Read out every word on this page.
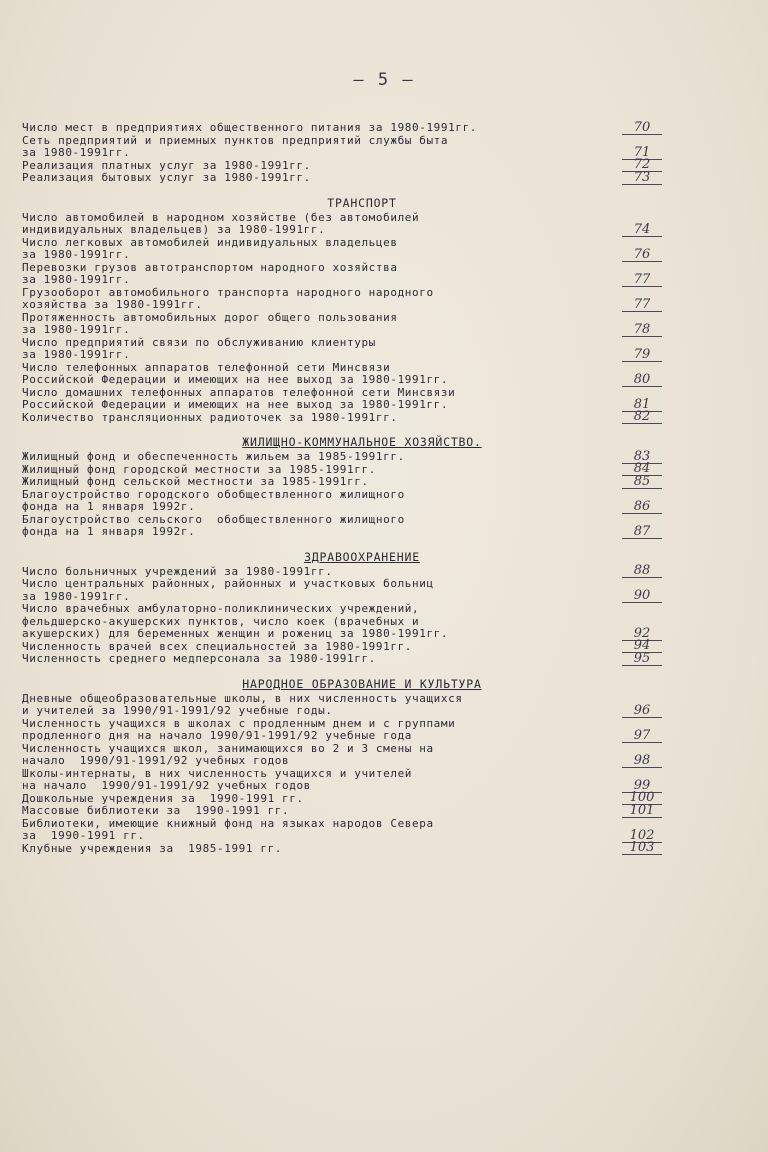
— 5 —
Число мест в предприятиях общественного питания за 1980-1991гг.	70
Сеть предприятий и приемных пунктов предприятий службы быта
за 1980-1991гг.	71
Реализация платных услуг за 1980-1991гг.	72
Реализация бытовых услуг за 1980-1991гг.	73
ТРАНСПОРТ
Число автомобилей в народном хозяйстве (без автомобилей
индивидуальных владельцев) за 1980-1991гг.	74
Число легковых автомобилей индивидуальных владельцев
за 1980-1991гг.	76
Перевозки грузов автотранспортом народного хозяйства
за 1980-1991гг.	77
Грузооборот автомобильного транспорта народного народного
хозяйства за 1980-1991гг.	77
Протяженность автомобильных дорог общего пользования
за 1980-1991гг.	78
Число предприятий связи по обслуживанию клиентуры
за 1980-1991гг.	79
Число телефонных аппаратов телефонной сети Минсвязи
Российской Федерации и имеющих на нее выход за 1980-1991гг.	80
Число домашних телефонных аппаратов телефонной сети Минсвязи
Российской Федерации и имеющих на нее выход за 1980-1991гг.	81
Количество трансляционных радиоточек за 1980-1991гг.	82
ЖИЛИЩНО-КОММУНАЛЬНОЕ ХОЗЯЙСТВО.
Жилищный фонд и обеспеченность жильем за 1985-1991гг.	83
Жилищный фонд городской местности за 1985-1991гг.	84
Жилищный фонд сельской местности за 1985-1991гг.	85
Благоустройство городского обобществленного жилищного
фонда на 1 января 1992г.	86
Благоустройство сельского  обобществленного жилищного
фонда на 1 января 1992г.	87
ЗДРАВООХРАНЕНИЕ
Число больничных учреждений за 1980-1991гг.	88
Число центральных районных, районных и участковых больниц
за 1980-1991гг.	90
Число врачебных амбулаторно-поликлинических учреждений,
фельдшерско-акушерских пунктов, число коек (врачебных и
акушерских) для беременных женщин и рожениц за 1980-1991гг.	92
Численность врачей всех специальностей за 1980-1991гг.	94
Численность среднего медперсонала за 1980-1991гг.	95
НАРОДНОЕ ОБРАЗОВАНИЕ И КУЛЬТУРА
Дневные общеобразовательные школы, в них численность учащихся
и учителей за 1990/91-1991/92 учебные годы.	96
Численность учащихся в школах с продленным днем и с группами
продленного дня на начало 1990/91-1991/92 учебные года	97
Численность учащихся школ, занимающихся во 2 и 3 смены на
начало  1990/91-1991/92 учебных годов	98
Школы-интернаты, в них численность учащихся и учителей
на начало  1990/91-1991/92 учебных годов	99
Дошкольные учреждения за  1990-1991 гг.	100
Массовые библиотеки за  1990-1991 гг.	101
Библиотеки, имеющие книжный фонд на языках народов Севера
за  1990-1991 гг.	102
Клубные учреждения за  1985-1991 гг.	103
